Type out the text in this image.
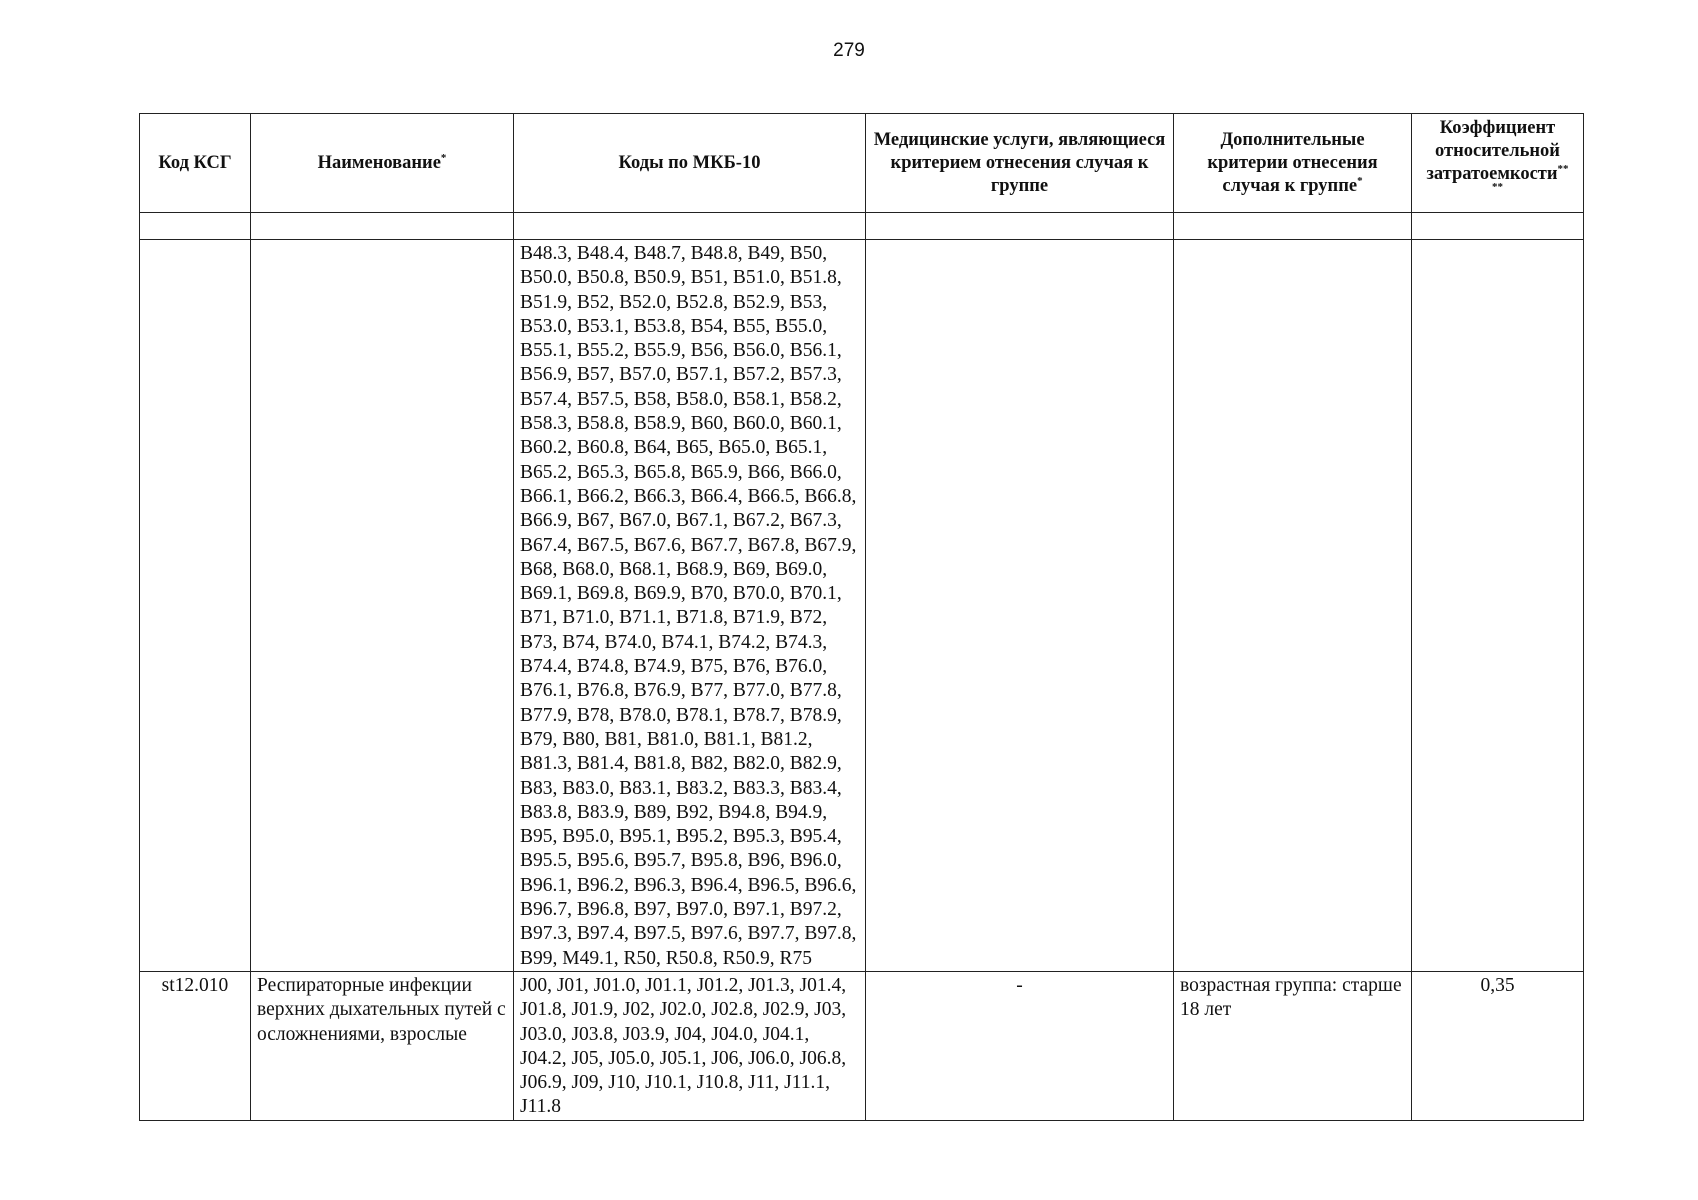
279
Код КСГ	Наименование*	Коды по МКБ-10	Медицинские услуги, являющиеся критерием отнесения случая к группе	Дополнительные критерии отнесения случая к группе*	Коэффициент относительной затратоемкости**
**

		B48.3, B48.4, B48.7, B48.8, B49, B50, B50.0, B50.8, B50.9, B51, B51.0, B51.8, B51.9, B52, B52.0, B52.8, B52.9, B53, B53.0, B53.1, B53.8, B54, B55, B55.0, B55.1, B55.2, B55.9, B56, B56.0, B56.1, B56.9, B57, B57.0, B57.1, B57.2, B57.3, B57.4, B57.5, B58, B58.0, B58.1, B58.2, B58.3, B58.8, B58.9, B60, B60.0, B60.1, B60.2, B60.8, B64, B65, B65.0, B65.1, B65.2, B65.3, B65.8, B65.9, B66, B66.0, B66.1, B66.2, B66.3, B66.4, B66.5, B66.8, B66.9, B67, B67.0, B67.1, B67.2, B67.3, B67.4, B67.5, B67.6, B67.7, B67.8, B67.9, B68, B68.0, B68.1, B68.9, B69, B69.0, B69.1, B69.8, B69.9, B70, B70.0, B70.1, B71, B71.0, B71.1, B71.8, B71.9, B72, B73, B74, B74.0, B74.1, B74.2, B74.3, B74.4, B74.8, B74.9, B75, B76, B76.0, B76.1, B76.8, B76.9, B77, B77.0, B77.8, B77.9, B78, B78.0, B78.1, B78.7, B78.9, B79, B80, B81, B81.0, B81.1, B81.2, B81.3, B81.4, B81.8, B82, B82.0, B82.9, B83, B83.0, B83.1, B83.2, B83.3, B83.4, B83.8, B83.9, B89, B92, B94.8, B94.9, B95, B95.0, B95.1, B95.2, B95.3, B95.4, B95.5, B95.6, B95.7, B95.8, B96, B96.0, B96.1, B96.2, B96.3, B96.4, B96.5, B96.6, B96.7, B96.8, B97, B97.0, B97.1, B97.2, B97.3, B97.4, B97.5, B97.6, B97.7, B97.8, B99, M49.1, R50, R50.8, R50.9, R75			
st12.010	Респираторные инфекции верхних дыхательных путей с осложнениями, взрослые	J00, J01, J01.0, J01.1, J01.2, J01.3, J01.4, J01.8, J01.9, J02, J02.0, J02.8, J02.9, J03, J03.0, J03.8, J03.9, J04, J04.0, J04.1, J04.2, J05, J05.0, J05.1, J06, J06.0, J06.8, J06.9, J09, J10, J10.1, J10.8, J11, J11.1, J11.8	-	возрастная группа: старше 18 лет	0,35
